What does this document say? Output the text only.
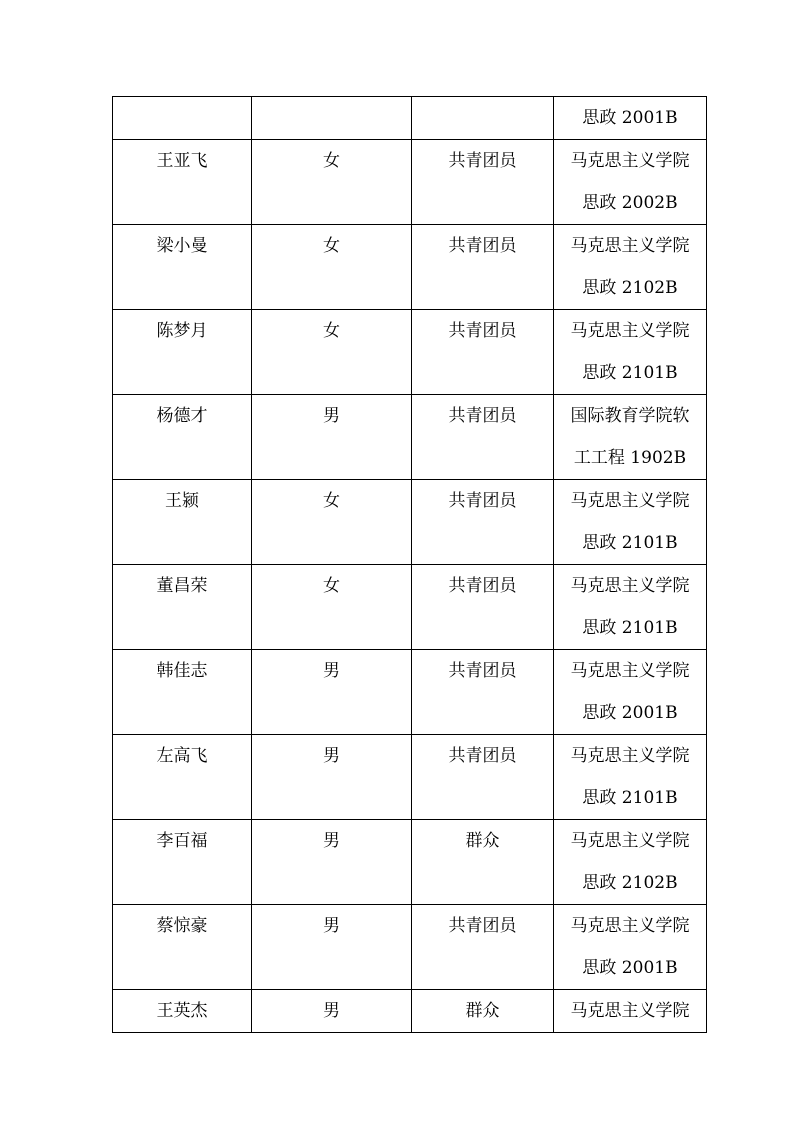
			思政 2001B

王亚飞	女	共青团员	马克思主义学院
思政 2002B

梁小曼	女	共青团员	马克思主义学院
思政 2102B

陈梦月	女	共青团员	马克思主义学院
思政 2101B

杨德才	男	共青团员	国际教育学院软
工工程 1902B

王颍	女	共青团员	马克思主义学院
思政 2101B

董昌荣	女	共青团员	马克思主义学院
思政 2101B

韩佳志	男	共青团员	马克思主义学院
思政 2001B

左高飞	男	共青团员	马克思主义学院
思政 2101B

李百福	男	群众	马克思主义学院
思政 2102B

蔡惊豪	男	共青团员	马克思主义学院
思政 2001B

王英杰	男	群众	马克思主义学院
